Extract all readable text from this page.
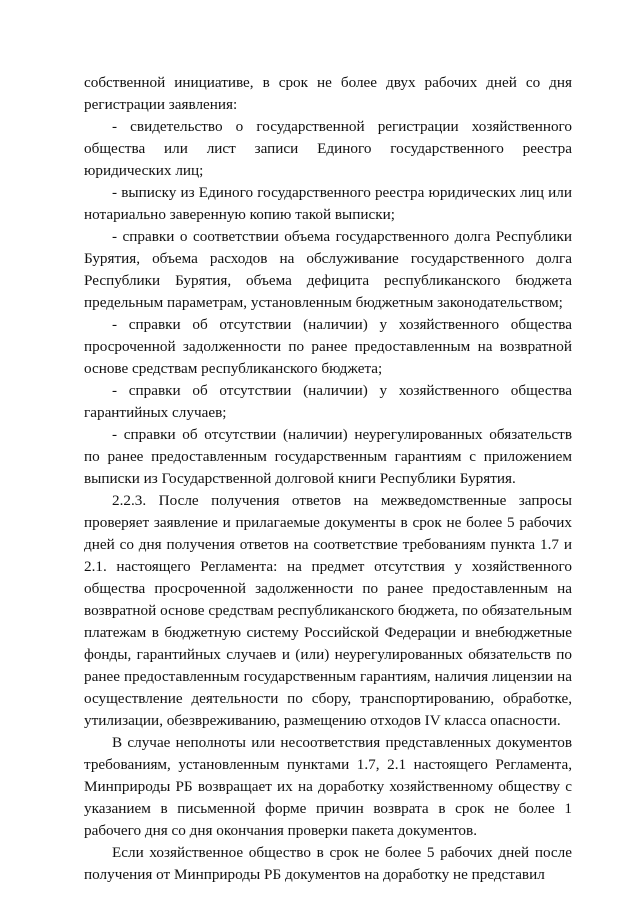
собственной инициативе, в срок не более двух рабочих дней со дня регистрации заявления:

- свидетельство о государственной регистрации хозяйственного общества или лист записи Единого государственного реестра юридических лиц;

- выписку из Единого государственного реестра юридических лиц или нотариально заверенную копию такой выписки;

- справки о соответствии объема государственного долга Республики Бурятия, объема расходов на обслуживание государственного долга Республики Бурятия, объема дефицита республиканского бюджета предельным параметрам, установленным бюджетным законодательством;

- справки об отсутствии (наличии) у хозяйственного общества просроченной задолженности по ранее предоставленным на возвратной основе средствам республиканского бюджета;

- справки об отсутствии (наличии) у хозяйственного общества гарантийных случаев;

- справки об отсутствии (наличии) неурегулированных обязательств по ранее предоставленным государственным гарантиям с приложением выписки из Государственной долговой книги Республики Бурятия.

2.2.3. После получения ответов на межведомственные запросы проверяет заявление и прилагаемые документы в срок не более 5 рабочих дней со дня получения ответов на соответствие требованиям пункта 1.7 и 2.1. настоящего Регламента: на предмет отсутствия у хозяйственного общества просроченной задолженности по ранее предоставленным на возвратной основе средствам республиканского бюджета, по обязательным платежам в бюджетную систему Российской Федерации и внебюджетные фонды, гарантийных случаев и (или) неурегулированных обязательств по ранее предоставленным государственным гарантиям, наличия лицензии на осуществление деятельности по сбору, транспортированию, обработке, утилизации, обезвреживанию, размещению отходов IV класса опасности.

В случае неполноты или несоответствия представленных документов требованиям, установленным пунктами 1.7, 2.1 настоящего Регламента, Минприроды РБ возвращает их на доработку хозяйственному обществу с указанием в письменной форме причин возврата в срок не более 1 рабочего дня со дня окончания проверки пакета документов.

Если хозяйственное общество в срок не более 5 рабочих дней после получения от Минприроды РБ документов на доработку не представил
